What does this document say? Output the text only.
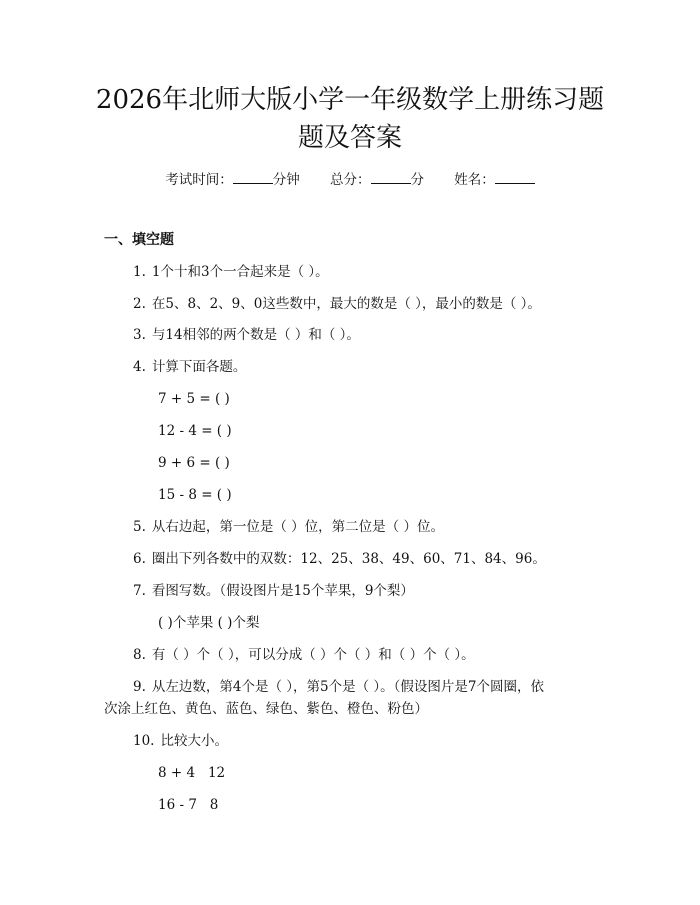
2026年北师大版小学一年级数学上册练习题
题及答案
考试时间：	分钟 总分：	分 姓名：
一、填空题
1. 1个十和3个一合起来是（ ）。
2. 在5、8、2、9、0这些数中，最大的数是（ ），最小的数是（ ）。
3. 与14相邻的两个数是（ ）和（ ）。
4. 计算下面各题。
7 + 5 = ( )
12 - 4 = ( )
9 + 6 = ( )
15 - 8 = ( )
5. 从右边起，第一位是（ ）位，第二位是（ ）位。
6. 圈出下列各数中的双数：12、25、38、49、60、71、84、96。
7. 看图写数。（假设图片是15个苹果，9个梨）
( )个苹果 ( )个梨
8. 有（ ）个（ ），可以分成（ ）个（ ）和（ ）个（ ）。
9. 从左边数，第4个是（ ），第5个是（ ）。（假设图片是7个圆圈，依
次涂上红色、黄色、蓝色、绿色、紫色、橙色、粉色）
10. 比较大小。
8 + 4   12
16 - 7   8
